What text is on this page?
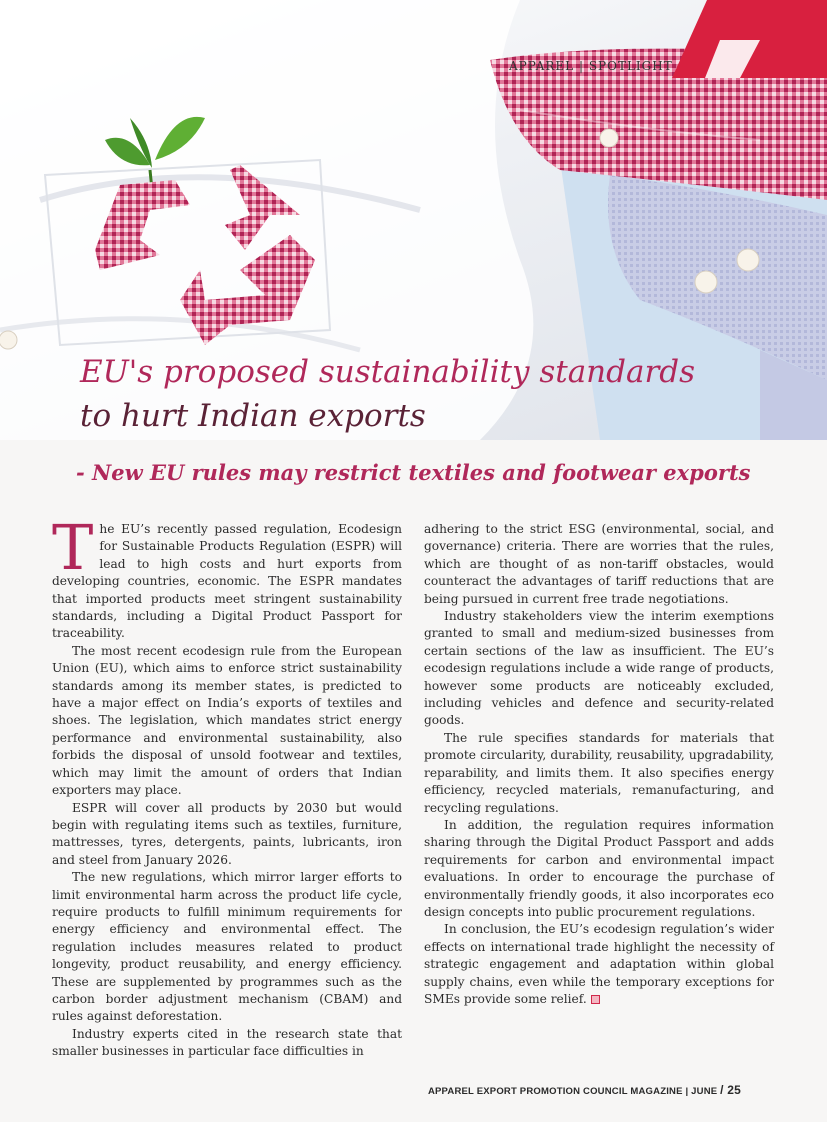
APPAREL | SPOTLIGHT
EU's proposed sustainability standards
to hurt Indian exports
- New EU rules may restrict textiles and footwear exports

The EU’s recently passed regulation, Ecodesign for Sustainable Products Regulation (ESPR) will lead to high costs and hurt exports from developing countries, economic. The ESPR mandates that imported products meet stringent sustainability standards, including a Digital Product Passport for traceability.

The most recent ecodesign rule from the European Union (EU), which aims to enforce strict sustainability standards among its member states, is predicted to have a major effect on India’s exports of textiles and shoes. The legislation, which mandates strict energy performance and environmental sustainability, also forbids the disposal of unsold footwear and textiles, which may limit the amount of orders that Indian exporters may place.

ESPR will cover all products by 2030 but would begin with regulating items such as textiles, furniture, mattresses, tyres, detergents, paints, lubricants, iron and steel from January 2026.

The new regulations, which mirror larger efforts to limit environmental harm across the product life cycle, require products to fulfill minimum requirements for energy efficiency and environmental effect. The regulation includes measures related to product longevity, product reusability, and energy efficiency. These are supplemented by programmes such as the carbon border adjustment mechanism (CBAM) and rules against deforestation.

Industry experts cited in the research state that smaller businesses in particular face difficulties in

adhering to the strict ESG (environmental, social, and governance) criteria. There are worries that the rules, which are thought of as non-tariff obstacles, would counteract the advantages of tariff reductions that are being pursued in current free trade negotiations.

Industry stakeholders view the interim exemptions granted to small and medium-sized businesses from certain sections of the law as insufficient. The EU’s ecodesign regulations include a wide range of products, however some products are noticeably excluded, including vehicles and defence and security-related goods.

The rule specifies standards for materials that promote circularity, durability, reusability, upgradability, reparability, and limits them. It also specifies energy efficiency, recycled materials, remanufacturing, and recycling regulations.

In addition, the regulation requires information sharing through the Digital Product Passport and adds requirements for carbon and environmental impact evaluations. In order to encourage the purchase of environmentally friendly goods, it also incorporates eco design concepts into public procurement regulations.

In conclusion, the EU’s ecodesign regulation’s wider effects on international trade highlight the necessity of strategic engagement and adaptation within global supply chains, even while the temporary exceptions for SMEs provide some relief.

APPAREL EXPORT PROMOTION COUNCIL MAGAZINE | JUNE / 25
